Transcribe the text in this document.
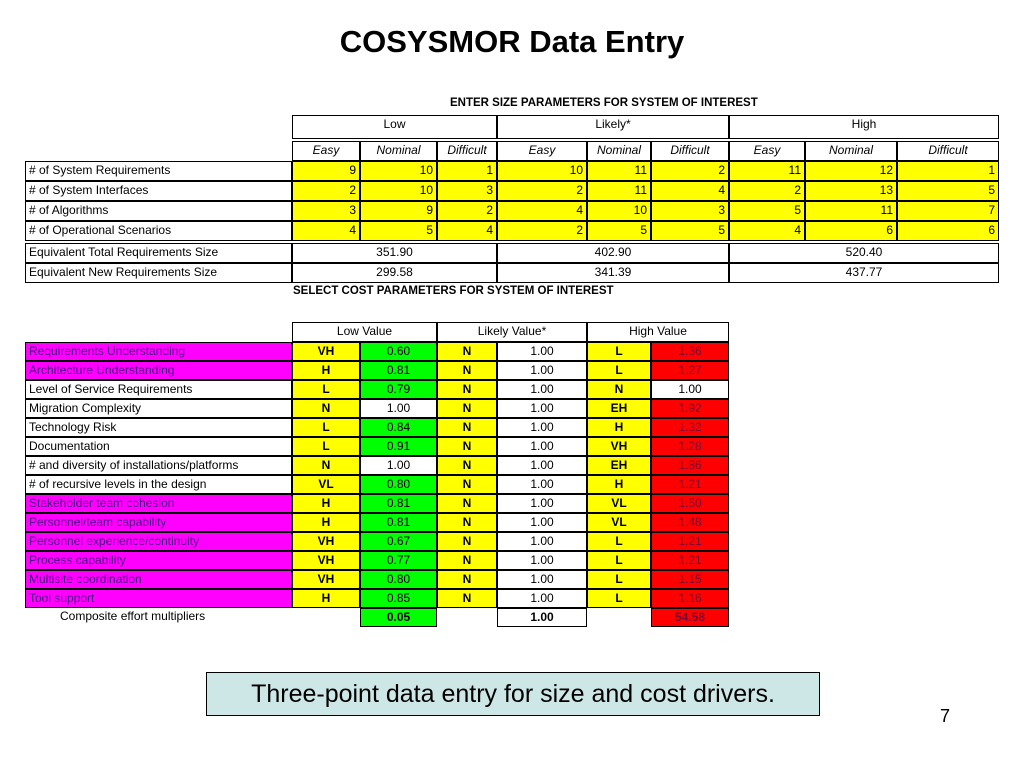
COSYSMOR Data Entry
ENTER SIZE PARAMETERS FOR SYSTEM OF INTEREST
SELECT COST PARAMETERS FOR SYSTEM OF INTEREST
Low	Likely*	High
Easy	Nominal	Difficult	Easy	Nominal	Difficult	Easy	Nominal	Difficult
# of System Requirements	9	10	1	10	11	2	11	12	1
# of System Interfaces	2	10	3	2	11	4	2	13	5
# of Algorithms	3	9	2	4	10	3	5	11	7
# of Operational Scenarios	4	5	4	2	5	5	4	6	6
Equivalent Total Requirements Size	351.90	402.90	520.40
Equivalent New Requirements Size	299.58	341.39	437.77
Low Value	Likely Value*	High Value
Requirements Understanding	VH	0.60	N	1.00	L	1.36
Architecture Understanding	H	0.81	N	1.00	L	1.27
Level of Service Requirements	L	0.79	N	1.00	N	1.00
Migration Complexity	N	1.00	N	1.00	EH	1.92
Technology Risk	L	0.84	N	1.00	H	1.32
Documentation	L	0.91	N	1.00	VH	1.28
# and diversity of installations/platforms	N	1.00	N	1.00	EH	1.86
# of recursive levels in the design	VL	0.80	N	1.00	H	1.21
Stakeholder team cohesion	H	0.81	N	1.00	VL	1.50
Personnel/team capability	H	0.81	N	1.00	VL	1.48
Personnel experience/continuity	VH	0.67	N	1.00	L	1.21
Process capability	VH	0.77	N	1.00	L	1.21
Multisite coordination	VH	0.80	N	1.00	L	1.15
Tool support	H	0.85	N	1.00	L	1.16
Composite effort multipliers	0.05	1.00	54.58
Three-point data entry for size and cost drivers.
7
